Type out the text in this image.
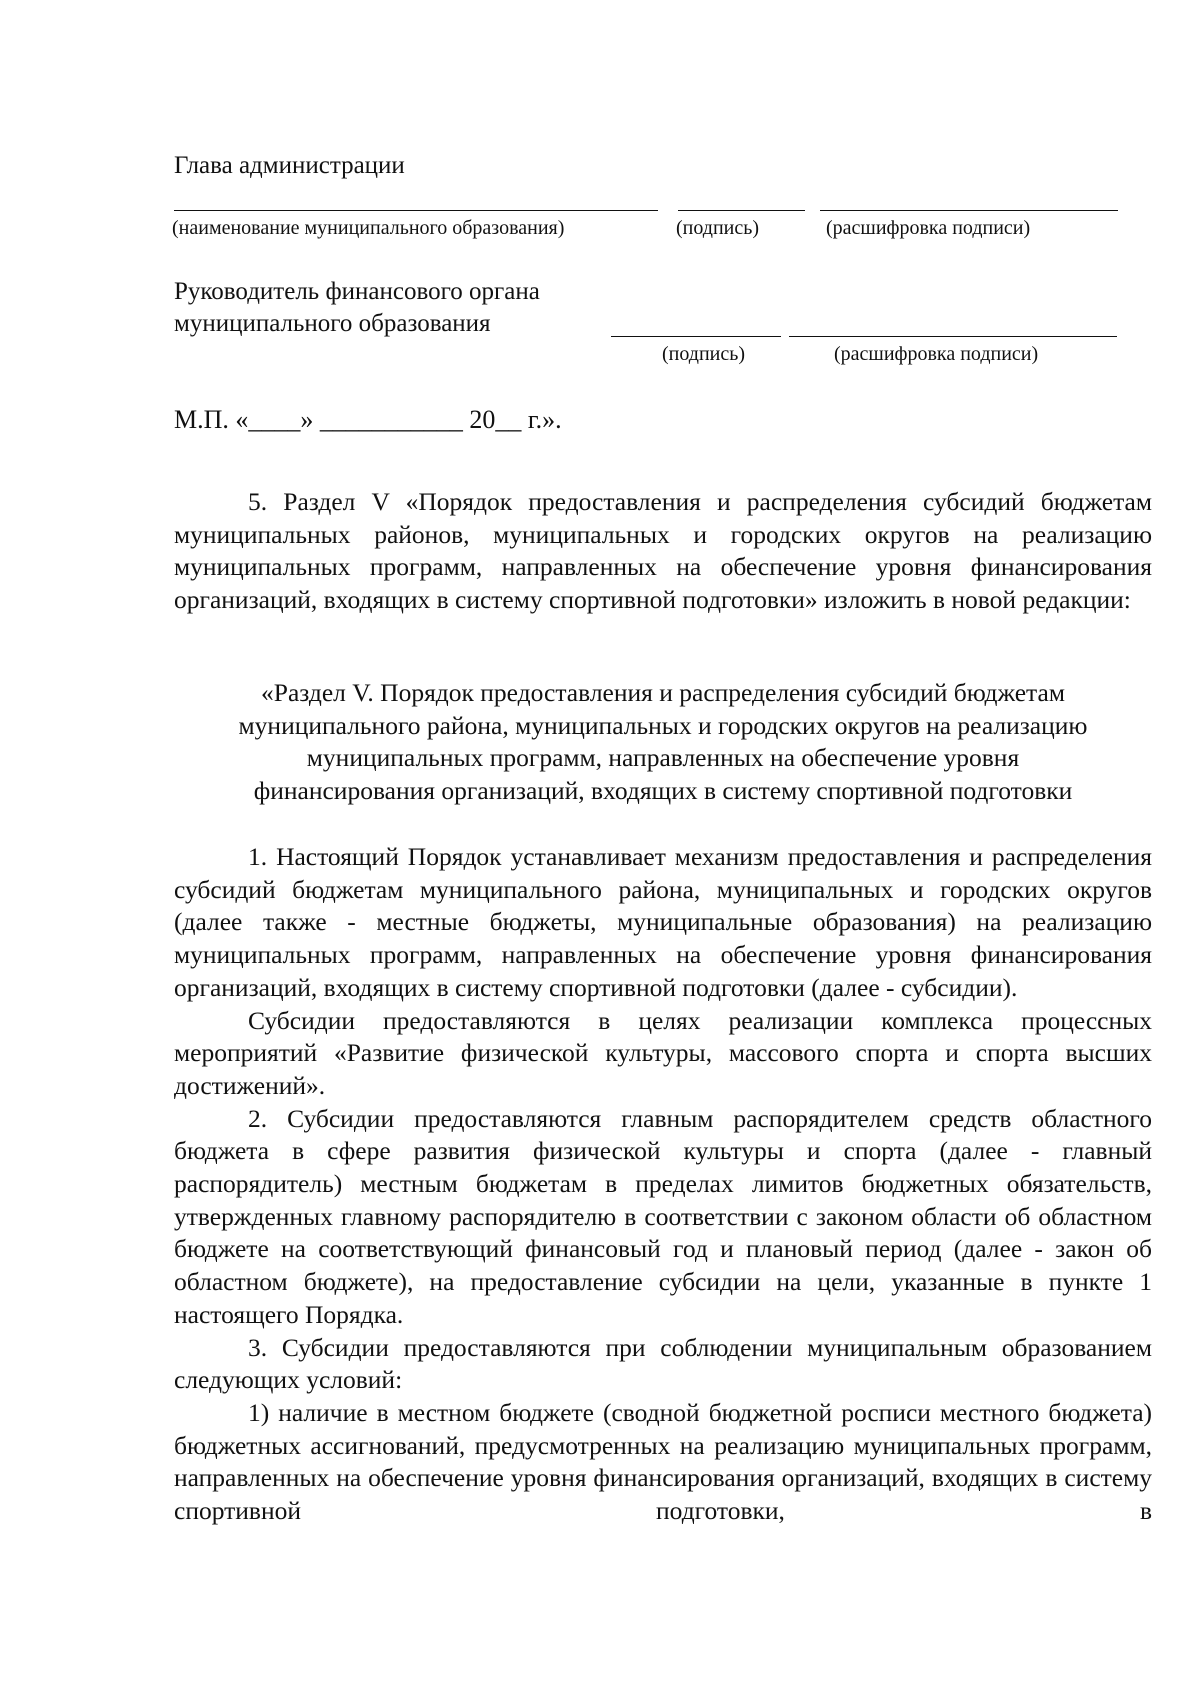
Глава администрации
(наименование муниципального образования)	(подпись)	(расшифровка подписи)
Руководитель финансового органа
муниципального образования
(подпись)	(расшифровка подписи)
М.П. «____» ___________ 20__ г.».

5. Раздел V «Порядок предоставления и распределения субсидий бюджетам муниципальных районов, муниципальных и городских округов на реализацию муниципальных программ, направленных на обеспечение уровня финансирования организаций, входящих в систему спортивной подготовки» изложить в новой редакции:

«Раздел V. Порядок предоставления и распределения субсидий бюджетам
муниципального района, муниципальных и городских округов на реализацию
муниципальных программ, направленных на обеспечение уровня
финансирования организаций, входящих в систему спортивной подготовки

1. Настоящий Порядок устанавливает механизм предоставления и распределения субсидий бюджетам муниципального района, муниципальных и городских округов (далее также - местные бюджеты, муниципальные образования) на реализацию муниципальных программ, направленных на обеспечение уровня финансирования организаций, входящих в систему спортивной подготовки (далее - субсидии).

Субсидии предоставляются в целях реализации комплекса процессных мероприятий «Развитие физической культуры, массового спорта и спорта высших достижений».

2. Субсидии предоставляются главным распорядителем средств областного бюджета в сфере развития физической культуры и спорта (далее - главный распорядитель) местным бюджетам в пределах лимитов бюджетных обязательств, утвержденных главному распорядителю в соответствии с законом области об областном бюджете на соответствующий финансовый год и плановый период (далее - закон об областном бюджете), на предоставление субсидии на цели, указанные в пункте 1 настоящего Порядка.

3. Субсидии предоставляются при соблюдении муниципальным образованием следующих условий:

1) наличие в местном бюджете (сводной бюджетной росписи местного бюджета) бюджетных ассигнований, предусмотренных на реализацию муниципальных программ, направленных на обеспечение уровня финансирования организаций, входящих в систему спортивной подготовки, в
